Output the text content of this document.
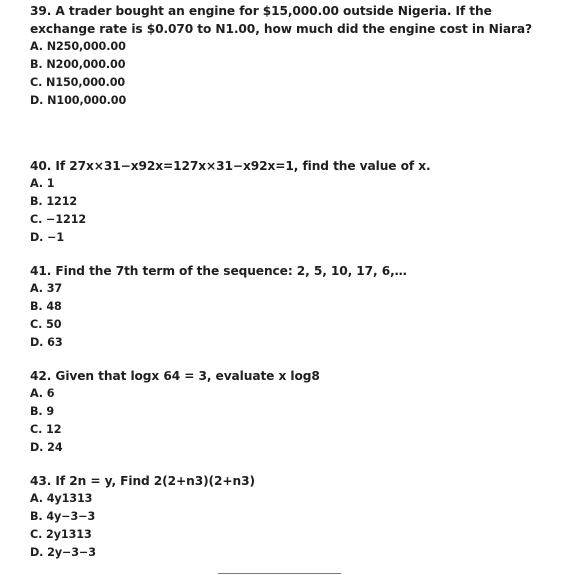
39. A trader bought an engine for $15,000.00 outside Nigeria. If the exchange rate is $0.070 to N1.00, how much did the engine cost in Niara?

A. N250,000.00

B. N200,000.00

C. N150,000.00

D. N100,000.00

40. If 27x×31−x92x=127x×31−x92x=1, find the value of x.

A. 1

B. 1212

C. −1212

D. −1

41. Find the 7th term of the sequence: 2, 5, 10, 17, 6,…

A. 37

B. 48

C. 50

D. 63

42. Given that logx 64 = 3, evaluate x log8

A. 6

B. 9

C. 12

D. 24

43. If 2n = y, Find 2(2+n3)(2+n3)

A. 4y1313

B. 4y−3−3

C. 2y1313

D. 2y−3−3
